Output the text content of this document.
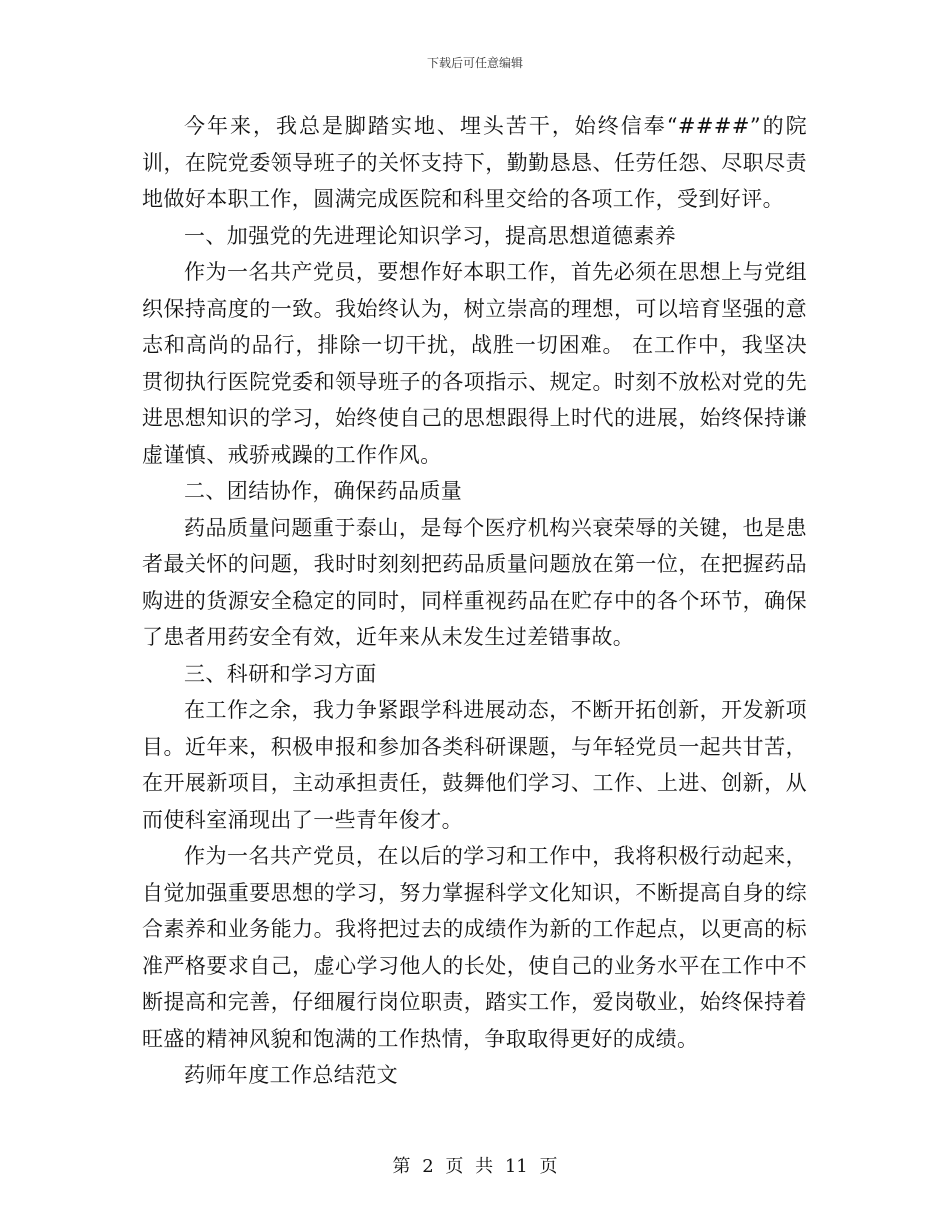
下载后可任意编辑

今年来，我总是脚踏实地、埋头苦干，始终信奉“####”的院训，在院党委领导班子的关怀支持下，勤勤恳恳、任劳任怨、尽职尽责地做好本职工作，圆满完成医院和科里交给的各项工作，受到好评。

一、加强党的先进理论知识学习，提高思想道德素养

作为一名共产党员，要想作好本职工作，首先必须在思想上与党组织保持高度的一致。我始终认为，树立崇高的理想，可以培育坚强的意志和高尚的品行，排除一切干扰，战胜一切困难。 在工作中，我坚决贯彻执行医院党委和领导班子的各项指示、规定。时刻不放松对党的先进思想知识的学习，始终使自己的思想跟得上时代的进展，始终保持谦虚谨慎、戒骄戒躁的工作作风。

二、团结协作，确保药品质量

药品质量问题重于泰山，是每个医疗机构兴衰荣辱的关键，也是患者最关怀的问题，我时时刻刻把药品质量问题放在第一位，在把握药品购进的货源安全稳定的同时，同样重视药品在贮存中的各个环节，确保了患者用药安全有效，近年来从未发生过差错事故。

三、科研和学习方面

在工作之余，我力争紧跟学科进展动态，不断开拓创新，开发新项目。近年来，积极申报和参加各类科研课题，与年轻党员一起共甘苦，在开展新项目，主动承担责任，鼓舞他们学习、工作、上进、创新，从而使科室涌现出了一些青年俊才。

作为一名共产党员，在以后的学习和工作中，我将积极行动起来，自觉加强重要思想的学习，努力掌握科学文化知识，不断提高自身的综合素养和业务能力。我将把过去的成绩作为新的工作起点，以更高的标准严格要求自己，虚心学习他人的长处，使自己的业务水平在工作中不断提高和完善，仔细履行岗位职责，踏实工作，爱岗敬业，始终保持着旺盛的精神风貌和饱满的工作热情，争取取得更好的成绩。

药师年度工作总结范文

第 2 页 共 11 页
